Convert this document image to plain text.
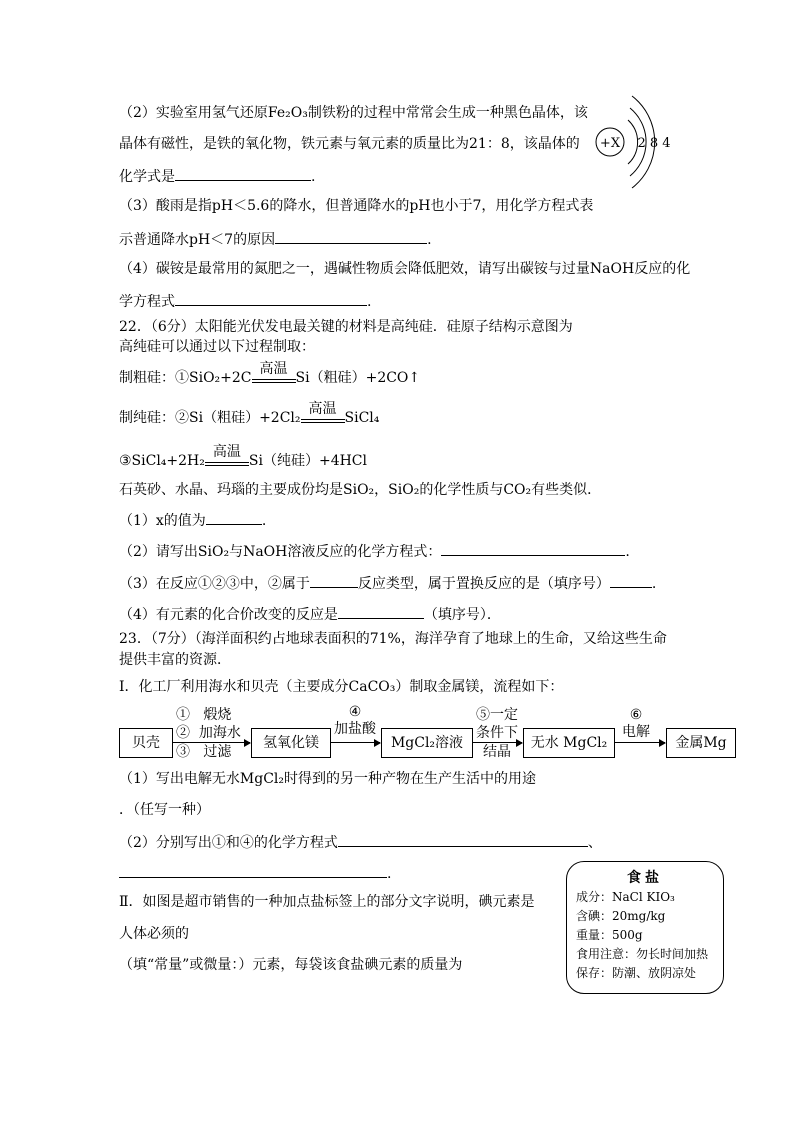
（2）实验室用氢气还原Fe₂O₃制铁粉的过程中常常会生成一种黑色晶体，该
晶体有磁性，是铁的氧化物，铁元素与氧元素的质量比为21：8，该晶体的
化学式是	.
（3）酸雨是指pH＜5.6的降水，但普通降水的pH也小于7，用化学方程式表
示普通降水pH＜7的原因	.
（4）碳铵是最常用的氮肥之一，遇碱性物质会降低肥效，请写出碳铵与过量NaOH反应的化
学方程式	.
+X 2 8 4
22．（6分）太阳能光伏发电最关键的材料是高纯硅．硅原子结构示意图为
高纯硅可以通过以下过程制取：
制粗硅：①SiO₂+2C
高温
Si（粗硅）+2CO↑
制纯硅：②Si（粗硅）+2Cl₂
高温
SiCl₄
③SiCl₄+2H₂
高温
Si（纯硅）+4HCl
石英砂、水晶、玛瑙的主要成份均是SiO₂，SiO₂的化学性质与CO₂有些类似．
（1）x的值为	.
（2）请写出SiO₂与NaOH溶液反应的化学方程式：	.
（3）在反应①②③中，②属于	反应类型，属于置换反应的是（填序号）	.
（4）有元素的化合价改变的反应是	（填序号）．
23．（7分）（海洋面积约占地球表面积的71%，海洋孕育了地球上的生命，又给这些生命
提供丰富的资源．
Ⅰ．化工厂利用海水和贝壳（主要成分CaCO₃）制取金属镁，流程如下：
贝壳
① 煅烧
② 加海水
③ 过滤
氢氧化镁
④
加盐酸
MgCl₂溶液
⑤一定
条件下
结晶
无水 MgCl₂
⑥
电解
金属Mg
（1）写出电解无水MgCl₂时得到的另一种产物在生产生活中的用途
．（任写一种）
（2）分别写出①和④的化学方程式	、
.
Ⅱ．如图是超市销售的一种加点盐标签上的部分文字说明，碘元素是
人体必须的
（填“常量”或微量：）元素，每袋该食盐碘元素的质量为
食盐
成分：NaCl KIO₃
含碘：20mg/kg
重量：500g
食用注意：勿长时间加热
保存：防潮、放阴凉处
